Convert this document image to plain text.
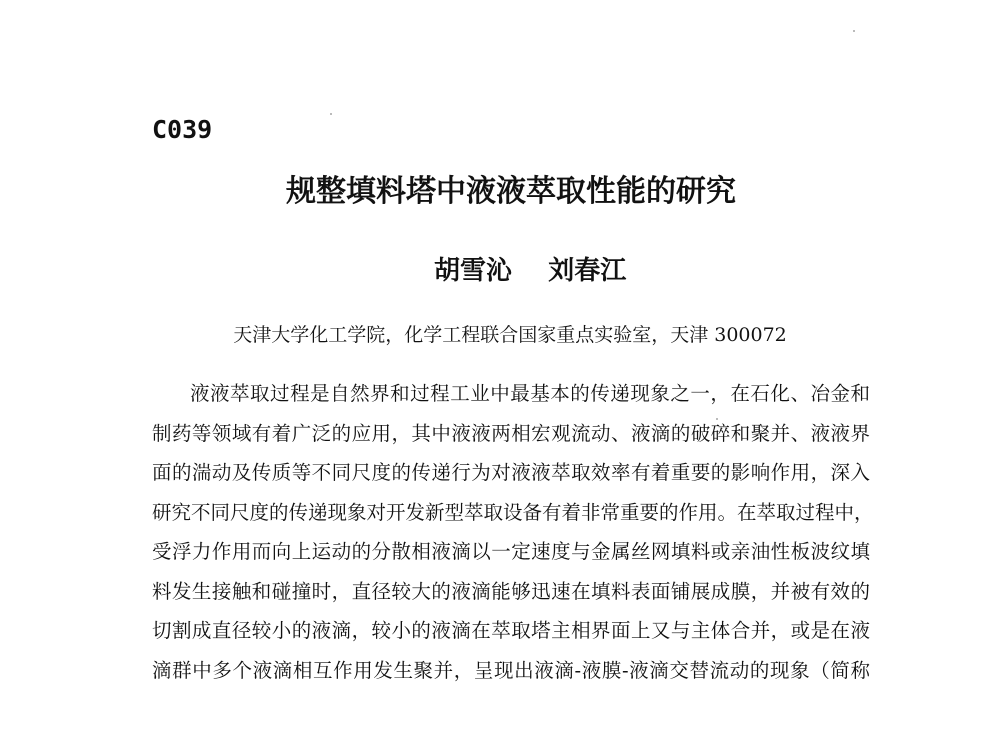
C039
规整填料塔中液液萃取性能的研究
胡雪沁    刘春江
天津大学化工学院，化学工程联合国家重点实验室，天津 300072
液液萃取过程是自然界和过程工业中最基本的传递现象之一，在石化、冶金和
制药等领域有着广泛的应用，其中液液两相宏观流动、液滴的破碎和聚并、液液界
面的湍动及传质等不同尺度的传递行为对液液萃取效率有着重要的影响作用，深入
研究不同尺度的传递现象对开发新型萃取设备有着非常重要的作用。在萃取过程中，
受浮力作用而向上运动的分散相液滴以一定速度与金属丝网填料或亲油性板波纹填
料发生接触和碰撞时，直径较大的液滴能够迅速在填料表面铺展成膜，并被有效的
切割成直径较小的液滴，较小的液滴在萃取塔主相界面上又与主体合并，或是在液
滴群中多个液滴相互作用发生聚并，呈现出液滴-液膜-液滴交替流动的现象（简称
